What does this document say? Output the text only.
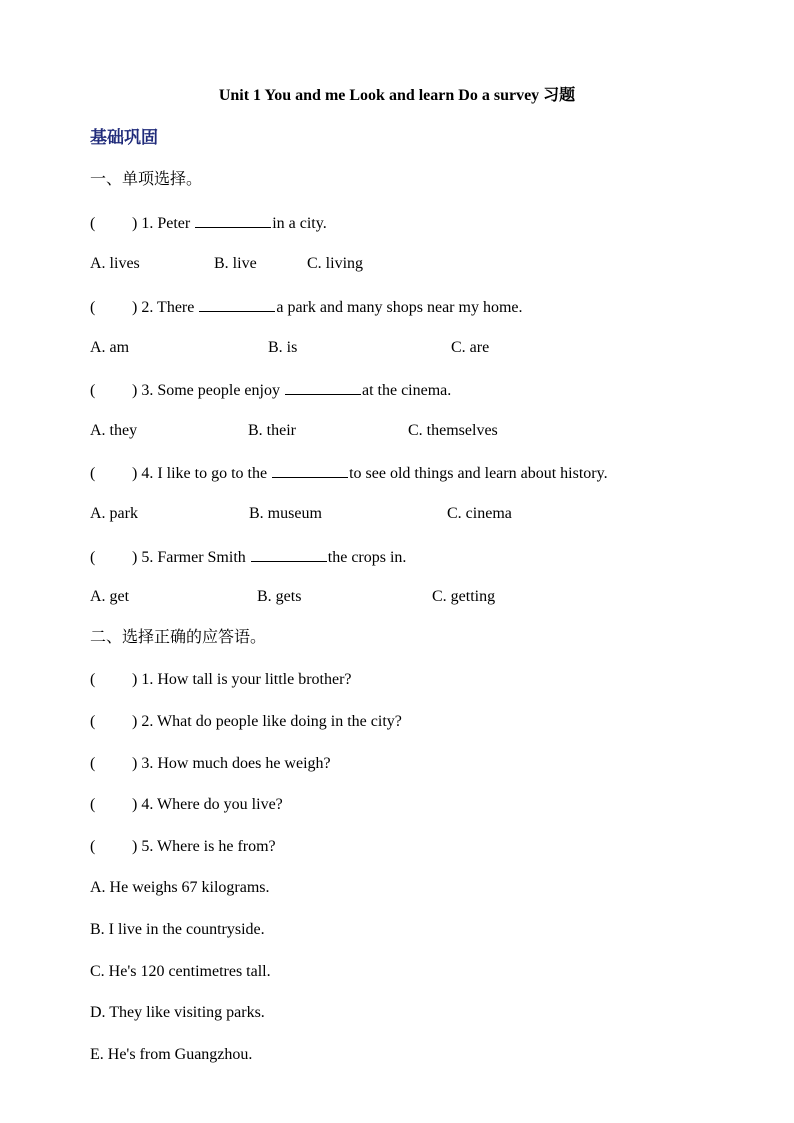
Unit 1 You and me Look and learn Do a survey 习题
基础巩固
一、单项选择。
( ) 1. Peter	in a city.
A. lives	B. live	C. living
( ) 2. There	a park and many shops near my home.
A. am	B. is	C. are
( ) 3. Some people enjoy	at the cinema.
A. they	B. their	C. themselves
( ) 4. I like to go to the	to see old things and learn about history.
A. park	B. museum	C. cinema
( ) 5. Farmer Smith	the crops in.
A. get	B. gets	C. getting
二、选择正确的应答语。
( ) 1. How tall is your little brother?
( ) 2. What do people like doing in the city?
( ) 3. How much does he weigh?
( ) 4. Where do you live?
( ) 5. Where is he from?
A. He weighs 67 kilograms.
B. I live in the countryside.
C. He's 120 centimetres tall.
D. They like visiting parks.
E. He's from Guangzhou.
